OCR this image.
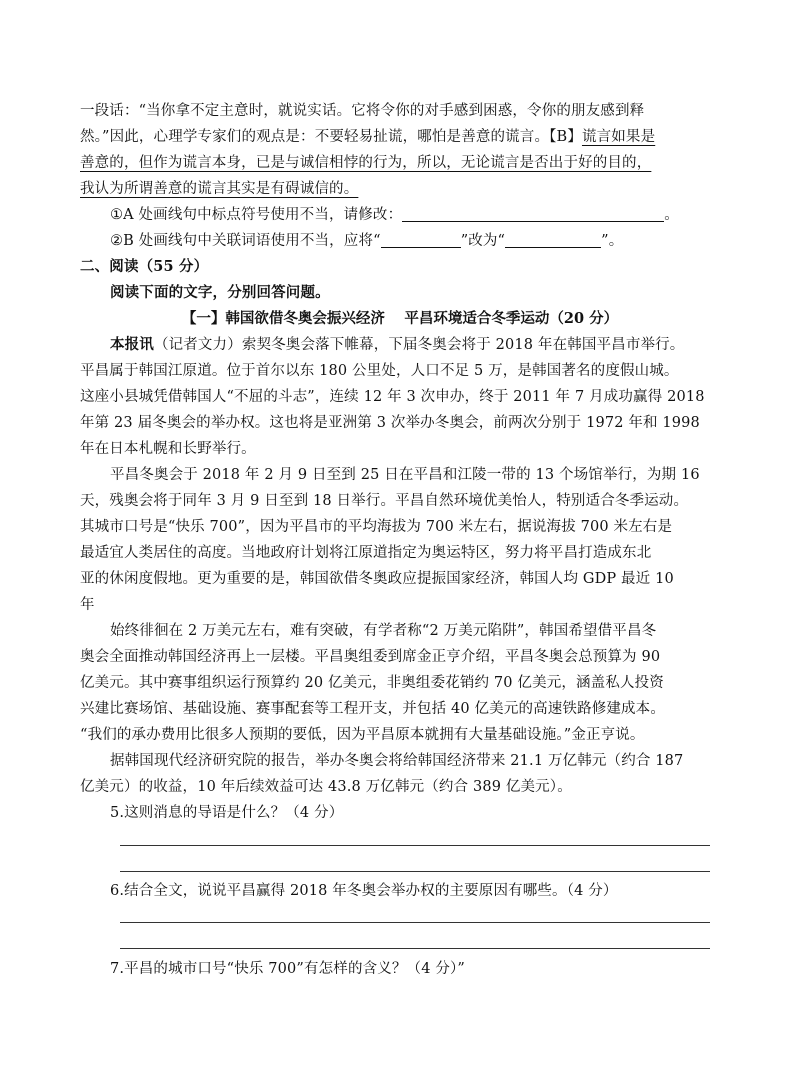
一段话：“当你拿不定主意时，就说实话。它将令你的对手感到困惑，令你的朋友感到释
然。”因此，心理学专家们的观点是：不要轻易扯谎，哪怕是善意的谎言。【B】谎言如果是
善意的，但作为谎言本身，已是与诚信相悖的行为，所以，无论谎言是否出于好的目的，
我认为所谓善意的谎言其实是有碍诚信的。
①A 处画线句中标点符号使用不当，请修改：	。
②B 处画线句中关联词语使用不当，应将“	”改为“	”。
二、阅读（55 分）
阅读下面的文字，分别回答问题。
【一】韩国欲借冬奥会振兴经济　 平昌环境适合冬季运动（20 分）
本报讯（记者文力）索契冬奥会落下帷幕，下届冬奥会将于 2018 年在韩国平昌市举行。
平昌属于韩国江原道。位于首尔以东 180 公里处，人口不足 5 万，是韩国著名的度假山城。
这座小县城凭借韩国人“不屈的斗志”，连续 12 年 3 次申办，终于 2011 年 7 月成功赢得 2018
年第 23 届冬奥会的举办权。这也将是亚洲第 3 次举办冬奥会，前两次分别于 1972 年和 1998
年在日本札幌和长野举行。
平昌冬奥会于 2018 年 2 月 9 日至到 25 日在平昌和江陵一带的 13 个场馆举行，为期 16
天，残奥会将于同年 3 月 9 日至到 18 日举行。平昌自然环境优美怡人，特别适合冬季运动。
其城市口号是“快乐 700”，因为平昌市的平均海拔为 700 米左右，据说海拔 700 米左右是
最适宜人类居住的高度。当地政府计划将江原道指定为奥运特区，努力将平昌打造成东北
亚的休闲度假地。更为重要的是，韩国欲借冬奥政应提振国家经济，韩国人均 GDP 最近 10
年
始终徘徊在 2 万美元左右，难有突破，有学者称“2 万美元陷阱”，韩国希望借平昌冬
奥会全面推动韩国经济再上一层楼。平昌奥组委到席金正亨介绍，平昌冬奥会总预算为 90
亿美元。其中赛事组织运行预算约 20 亿美元，非奥组委花销约 70 亿美元，涵盖私人投资
兴建比赛场馆、基础设施、赛事配套等工程开支，并包括 40 亿美元的高速铁路修建成本。
“我们的承办费用比很多人预期的要低，因为平昌原本就拥有大量基础设施。”金正亨说。
据韩国现代经济研究院的报告，举办冬奥会将给韩国经济带来 21.1 万亿韩元（约合 187
亿美元）的收益，10 年后续效益可达 43.8 万亿韩元（约合 389 亿美元）。
5.这则消息的导语是什么？（4 分）
6.结合全文，说说平昌赢得 2018 年冬奥会举办权的主要原因有哪些。（4 分）
7.平昌的城市口号“快乐 700”有怎样的含义？（4 分）”
